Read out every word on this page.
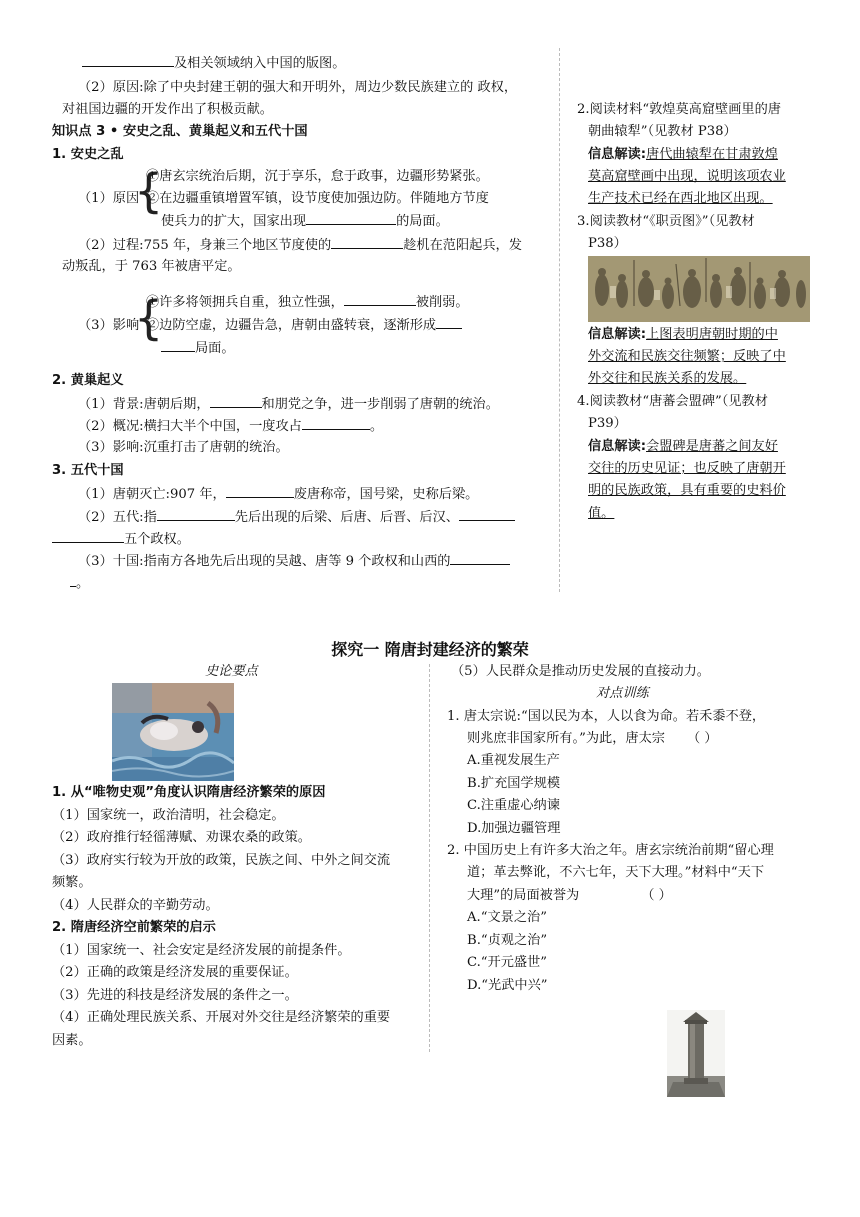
及相关领域纳入中国的版图。
（2）原因:除了中央封建王朝的强大和开明外，周边少数民族建立的 政权，
对祖国边疆的开发作出了积极贡献。
知识点 3 • 安史之乱、黄巢起义和五代十国
1. 安史之乱
（1）原因
{
①唐玄宗统治后期，沉于享乐，怠于政事，边疆形势紧张。
②在边疆重镇增置军镇，设节度使加强边防。伴随地方节度
使兵力的扩大，国家出现	的局面。
（2）过程:755 年，身兼三个地区节度使的	趁机在范阳起兵，发
动叛乱，于 763 年被唐平定。
（3）影响
{
①许多将领拥兵自重，独立性强，	被削弱。
②边防空虚，边疆告急，唐朝由盛转衰，逐渐形成
局面。
2. 黄巢起义
（1）背景:唐朝后期，	和朋党之争，进一步削弱了唐朝的统治。
（2）概况:横扫大半个中国，一度攻占	。
（3）影响:沉重打击了唐朝的统治。
3. 五代十国
（1）唐朝灭亡:907 年，	废唐称帝，国号梁，史称后梁。
（2）五代:指	先后出现的后梁、后唐、后晋、后汉、
五个政权。
（3）十国:指南方各地先后出现的吴越、唐等 9 个政权和山西的
。
2.阅读材料“敦煌莫高窟壁画里的唐
朝曲辕犁”（见教材 P38）
信息解读:唐代曲辕犁在甘肃敦煌
莫高窟壁画中出现，说明该项农业
生产技术已经在西北地区出现。
3.阅读教材“《职贡图》”（见教材
P38）
信息解读:上图表明唐朝时期的中
外交流和民族交往频繁；反映了中
外交往和民族关系的发展。
4.阅读教材“唐蕃会盟碑”（见教材
P39）
信息解读:会盟碑是唐蕃之间友好
交往的历史见证；也反映了唐朝开
明的民族政策，具有重要的史料价
值。
探究一 隋唐封建经济的繁荣
史论要点
1. 从“唯物史观”角度认识隋唐经济繁荣的原因
（1）国家统一，政治清明，社会稳定。
（2）政府推行轻徭薄赋、劝课农桑的政策。
（3）政府实行较为开放的政策，民族之间、中外之间交流
频繁。
（4）人民群众的辛勤劳动。
2. 隋唐经济空前繁荣的启示
（1）国家统一、社会安定是经济发展的前提条件。
（2）正确的政策是经济发展的重要保证。
（3）先进的科技是经济发展的条件之一。
（4）正确处理民族关系、开展对外交往是经济繁荣的重要
因素。
（5）人民群众是推动历史发展的直接动力。
对点训练
1. 唐太宗说:“国以民为本，人以食为命。若禾黍不登，
则兆庶非国家所有。”为此，唐太宗 （ ）
A.重视发展生产
B.扩充国学规模
C.注重虚心纳谏
D.加强边疆管理
2. 中国历史上有许多大治之年。唐玄宗统治前期“留心理
道；革去弊讹，不六七年，天下大理。”材料中“天下
大理”的局面被誉为	（ ）
A.“文景之治”
B.“贞观之治”
C.“开元盛世”
D.“光武中兴”
